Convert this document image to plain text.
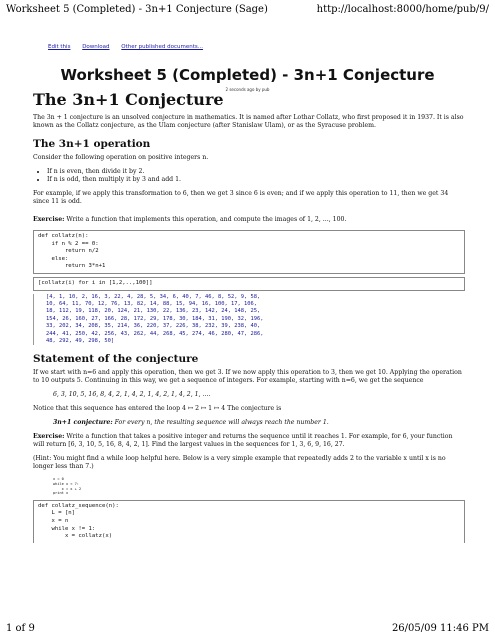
Worksheet 5 (Completed) - 3n+1 Conjecture (Sage)	http://localhost:8000/home/pub/9/
Edit this Download Other published documents...
Worksheet 5 (Completed) - 3n+1 Conjecture
2 seconds ago by pub
The 3n+1 Conjecture

The 3n + 1 conjecture is an unsolved conjecture in mathematics. It is named after Lothar Collatz, who first proposed it in 1937. It is also known as the Collatz conjecture, as the Ulam conjecture (after Stanislaw Ulam), or as the Syracuse problem.

The 3n+1 operation

Consider the following operation on positive integers n.

• If n is even, then divide it by 2.
• If n is odd, then multiply it by 3 and add 1.

For example, if we apply this transformation to 6, then we get 3 since 6 is even; and if we apply this operation to 11, then we get 34 since 11 is odd.

Exercise: Write a function that implements this operation, and compute the images of 1, 2, ..., 100.

def collatz(n):
if n % 2 == 0:
return n/2
else:
return 3*n+1
[collatz(i) for i in [1,2,..,100]]
[4, 1, 10, 2, 16, 3, 22, 4, 28, 5, 34, 6, 40, 7, 46, 8, 52, 9, 58,
10, 64, 11, 70, 12, 76, 13, 82, 14, 88, 15, 94, 16, 100, 17, 106,
18, 112, 19, 118, 20, 124, 21, 130, 22, 136, 23, 142, 24, 148, 25,
154, 26, 160, 27, 166, 28, 172, 29, 178, 30, 184, 31, 190, 32, 196,
33, 202, 34, 208, 35, 214, 36, 220, 37, 226, 38, 232, 39, 238, 40,
244, 41, 250, 42, 256, 43, 262, 44, 268, 45, 274, 46, 280, 47, 286,
48, 292, 49, 298, 50]
Statement of the conjecture

If we start with n=6 and apply this operation, then we get 3. If we now apply this operation to 3, then we get 10. Applying the operation to 10 outputs 5. Continuing in this way, we get a sequence of integers. For example, starting with n=6, we get the sequence

6, 3, 10, 5, 16, 8, 4, 2, 1, 4, 2, 1, 4, 2, 1, 4, 2, 1, ....

Notice that this sequence has entered the loop 4 ↦ 2 ↦ 1 ↦ 4 The conjecture is

3n+1 conjecture: For every n, the resulting sequence will always reach the number 1.

Exercise: Write a function that takes a positive integer and returns the sequence until it reaches 1. For example, for 6, your function will return [6, 3, 10, 5, 16, 8, 4, 2, 1]. Find the largest values in the sequences for 1, 3, 6, 9, 16, 27.

(Hint: You might find a while loop helpful here. Below is a very simple example that repeatedly adds 2 to the variable x until x is no longer less than 7.)

x = 0
while x < 7:
x = x + 2
print x
def collatz_sequence(n):
L = [n]
x = n
while x != 1:
x = collatz(x)
1 of 9	26/05/09 11:46 PM
